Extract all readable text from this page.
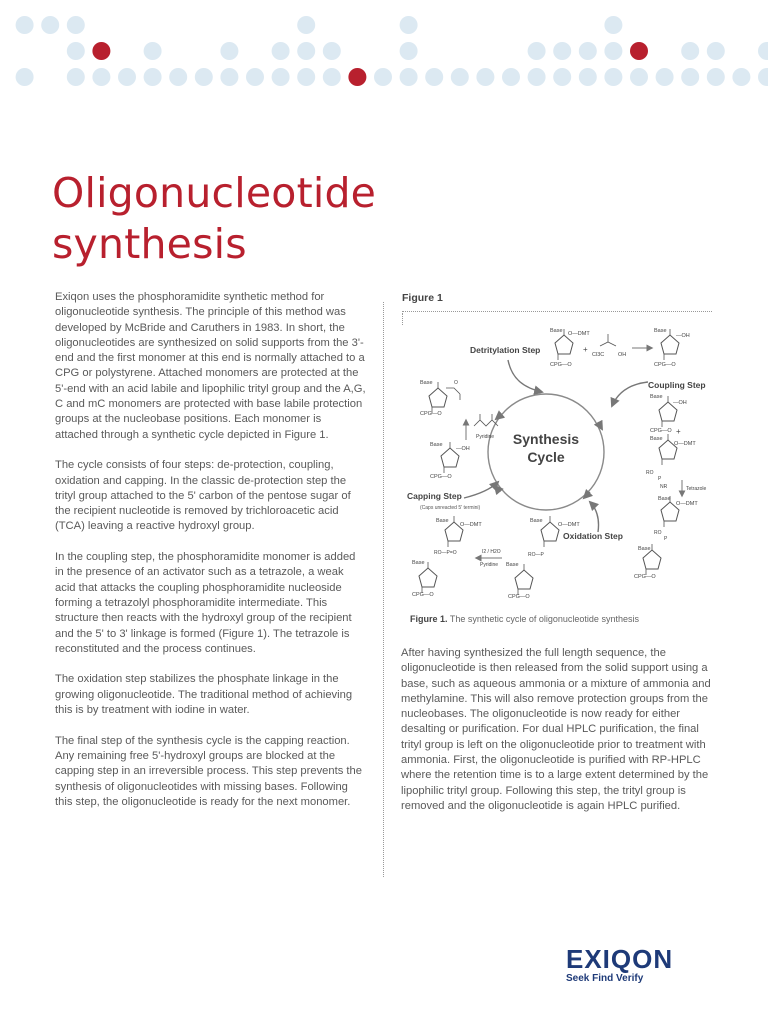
Oligonucleotide
synthesis

Exiqon uses the phosphoramidite synthetic method for oligonucleotide synthesis. The principle of this method was developed by McBride and Caruthers in 1983. In short, the oligonucleotides are synthesized on solid supports from the 3'-end and the first monomer at this end is normally attached to a CPG or polystyrene. Attached monomers are protected at the 5'-end with an acid labile and lipophilic trityl group and the A,G, C and mC monomers are protected with base labile protection groups at the nucleobase positions. Each monomer is attached through a synthetic cycle depicted in Figure 1.

The cycle consists of four steps: de-protection, coupling, oxidation and capping. In the classic de-protection step the trityl group attached to the 5' carbon of the pentose sugar of the recipient nucleotide is removed by trichloroacetic acid (TCA) leaving a reactive hydroxyl group.

In the coupling step, the phosphoramidite monomer is added in the presence of an activator such as a tetrazole, a weak acid that attacks the coupling phosphoramidite nucleoside forming a tetrazolyl phosphoramidite intermediate. This structure then reacts with the hydroxyl group of the recipient and the 5' to 3' linkage is formed (Figure 1). The tetrazole is reconstituted and the process continues.

The oxidation step stabilizes the phosphate linkage in the growing oligonucleotide. The traditional method of achieving this is by treatment with iodine in water.

The final step of the synthesis cycle is the capping reaction. Any remaining free 5'-hydroxyl groups are blocked at the capping step in an irreversible process. This step prevents the synthesis of oligonucleotides with missing bases. Following this step, the oligonucleotide is ready for the next monomer.

Figure 1
Synthesis
Cycle
Detritylation Step
Coupling Step
Oxidation Step
Capping Step
(Caps unreacted 5' termini)
Base O—DMT
CPG—O
+
Cl3C	OH
Base
—OH
CPG—O
Base
—OH
CPG—O +
Base
O—DMT
RO
P
NR	Tetrazole
Base
O—DMT
RO
P
Base
CPG—O
Base
O—DMT
RO—P
Base
CPG—O
I2 / H2O
Pyridine
Base
O—DMT
RO—P=O
Base
CPG—O
Base	O
CPG—O
Pyridine
Base
—OH
CPG—O
Figure 1. The synthetic cycle of oligonucleotide synthesis

After having synthesized the full length sequence, the oligonucleotide is then released from the solid support using a base, such as aqueous ammonia or a mixture of ammonia and methylamine. This will also remove protection groups from the nucleobases. The oligonucleotide is now ready for either desalting or purification. For dual HPLC purification, the final trityl group is left on the oligonucleotide prior to treatment with ammonia. First, the oligonucleotide is purified with RP-HPLC where the retention time is to a large extent determined by the lipophilic trityl group. Following this step, the trityl group is removed and the oligonucleotide is again HPLC purified.

EXIQON
Seek Find Verify
